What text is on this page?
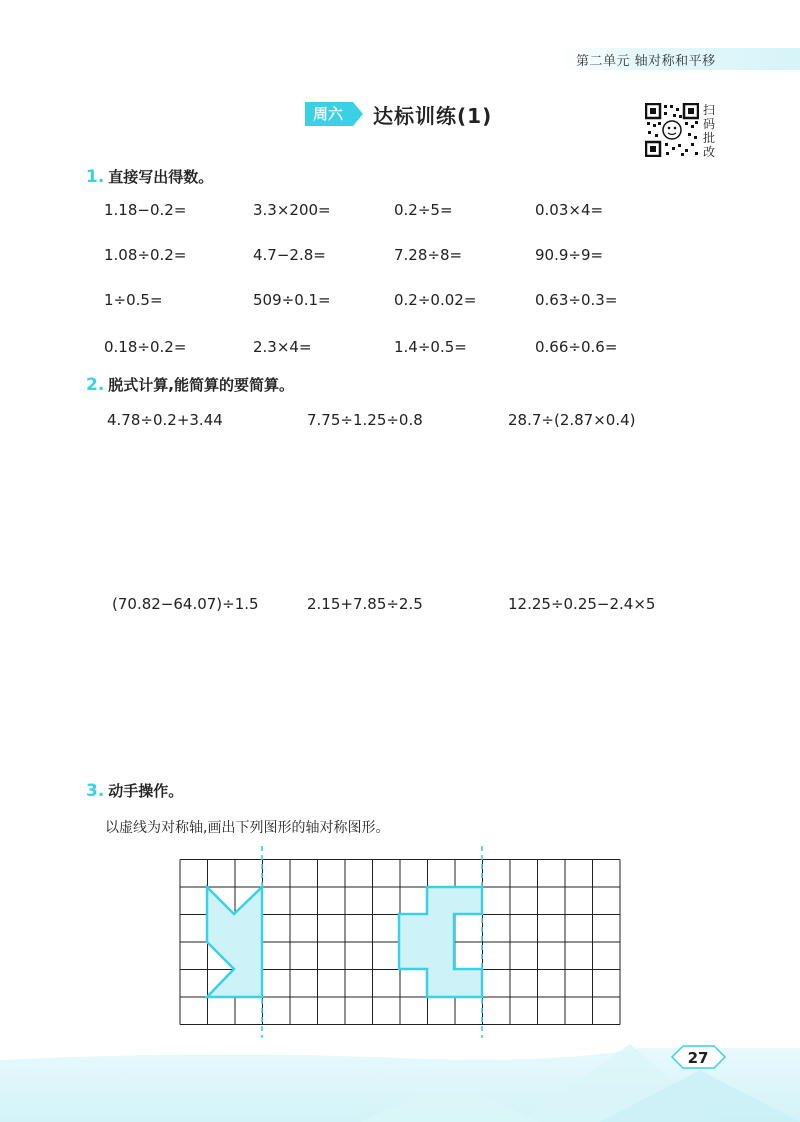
第二单元 轴对称和平移
周六	达标训练(1)	扫码批改
1. 直接写出得数。
1.18−0.2=	3.3×200=	0.2÷5=	0.03×4=
1.08÷0.2=	4.7−2.8=	7.28÷8=	90.9÷9=
1÷0.5=	509÷0.1=	0.2÷0.02=	0.63÷0.3=
0.18÷0.2=	2.3×4=	1.4÷0.5=	0.66÷0.6=
2. 脱式计算,能简算的要简算。
4.78÷0.2+3.44	7.75÷1.25÷0.8	28.7÷(2.87×0.4)
(70.82−64.07)÷1.5	2.15+7.85÷2.5	12.25÷0.25−2.4×5
3. 动手操作。
以虚线为对称轴,画出下列图形的轴对称图形。
27
